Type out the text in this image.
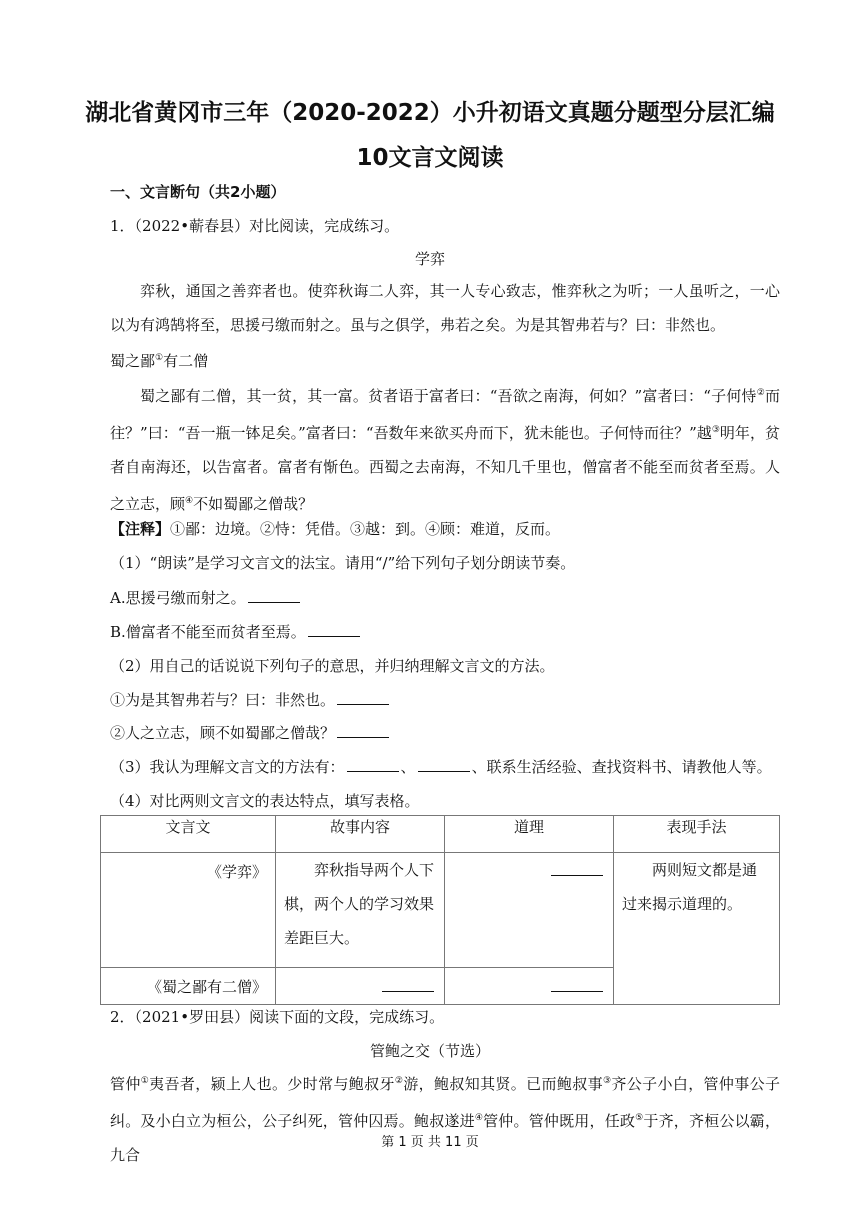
湖北省黄冈市三年（2020-2022）小升初语文真题分题型分层汇编
10文言文阅读
一、文言断句（共2小题）
1．（2022•蕲春县）对比阅读，完成练习。
学弈
弈秋，通国之善弈者也。使弈秋诲二人弈，其一人专心致志，惟弈秋之为听；一人虽听之，一心以为有鸿鹄将至，思援弓缴而射之。虽与之俱学，弗若之矣。为是其智弗若与？曰：非然也。
蜀之鄙①有二僧
蜀之鄙有二僧，其一贫，其一富。贫者语于富者曰：“吾欲之南海，何如？”富者曰：“子何恃②而往？”曰：“吾一瓶一钵足矣。”富者曰：“吾数年来欲买舟而下，犹未能也。子何恃而往？”越③明年，贫者自南海还，以告富者。富者有惭色。西蜀之去南海，不知几千里也，僧富者不能至而贫者至焉。人之立志，顾④不如蜀鄙之僧哉？
【注释】①鄙：边境。②恃：凭借。③越：到。④顾：难道，反而。
（1）“朗读”是学习文言文的法宝。请用“/”给下列句子划分朗读节奏。
A.思援弓缴而射之。
B.僧富者不能至而贫者至焉。
（2）用自己的话说说下列句子的意思，并归纳理解文言文的方法。
①为是其智弗若与？曰：非然也。
②人之立志，顾不如蜀鄙之僧哉？
（3）我认为理解文言文的方法有：	、	、联系生活经验、查找资料书、请教他人等。
（4）对比两则文言文的表达特点，填写表格。
文言文	故事内容	道理	表现手法
《学弈》	弈秋指导两个人下棋，两个人的学习效果差距巨大。		两则短文都是通过来揭示道理的。
《蜀之鄙有二僧》			
2．（2021•罗田县）阅读下面的文段，完成练习。
管鲍之交（节选）
管仲①夷吾者，颍上人也。少时常与鲍叔牙②游，鲍叔知其贤。已而鲍叔事③齐公子小白，管仲事公子纠。及小白立为桓公，公子纠死，管仲囚焉。鲍叔遂进④管仲。管仲既用，任政⑤于齐，齐桓公以霸，九合
第 1 页 共 11 页
